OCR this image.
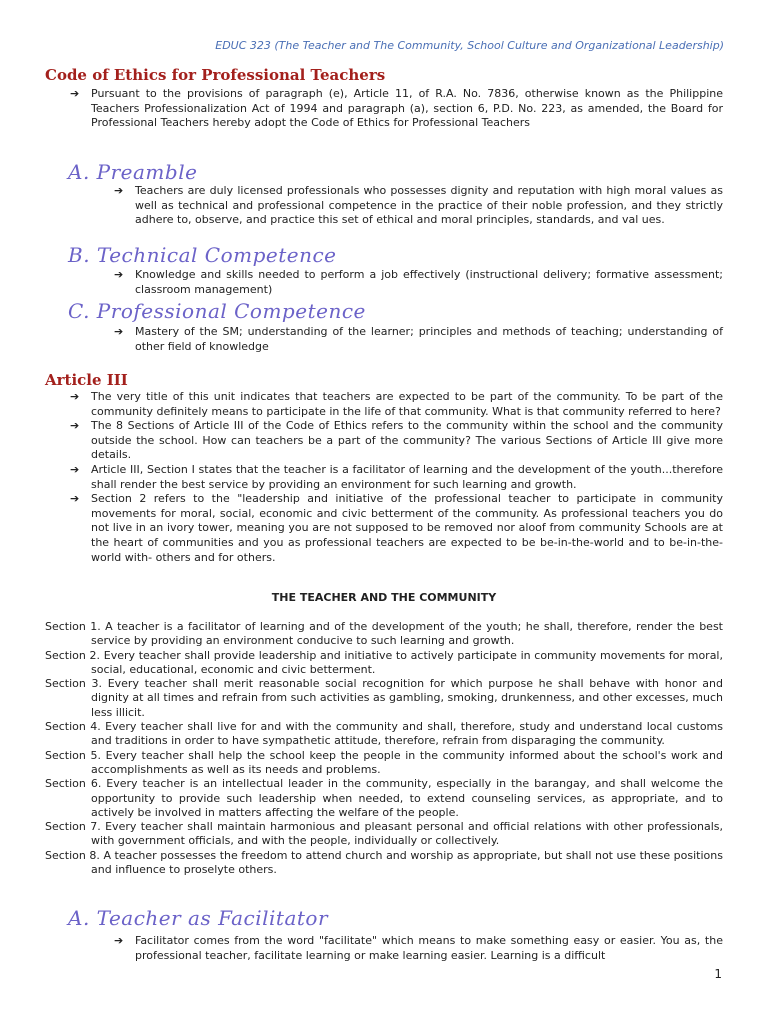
EDUC 323 (The Teacher and The Community, School Culture and Organizational Leadership)
Code of Ethics for Professional Teachers
➔ Pursuant to the provisions of paragraph (e), Article 11, of R.A. No. 7836, otherwise known as the Philippine Teachers Professionalization Act of 1994 and paragraph (a), section 6, P.D. No. 223, as amended, the Board for Professional Teachers hereby adopt the Code of Ethics for Professional Teachers
A. Preamble
➔ Teachers are duly licensed professionals who possesses dignity and reputation with high moral values as well as technical and professional competence in the practice of their noble profession, and they strictly adhere to, observe, and practice this set of ethical and moral principles, standards, and val ues.
B. Technical Competence
➔ Knowledge and skills needed to perform a job effectively (instructional delivery; formative assessment; classroom management)
C. Professional Competence
➔ Mastery of the SM; understanding of the learner; principles and methods of teaching; understanding of other field of knowledge
Article III
➔ The very title of this unit indicates that teachers are expected to be part of the community. To be part of the community definitely means to participate in the life of that community. What is that community referred to here?
➔ The 8 Sections of Article III of the Code of Ethics refers to the community within the school and the community outside the school. How can teachers be a part of the community? The various Sections of Article III give more details.
➔ Article III, Section I states that the teacher is a facilitator of learning and the development of the youth...therefore shall render the best service by providing an environment for such learning and growth.
➔ Section 2 refers to the "leadership and initiative of the professional teacher to participate in community movements for moral, social, economic and civic betterment of the community. As professional teachers you do not live in an ivory tower, meaning you are not supposed to be removed nor aloof from community Schools are at the heart of communities and you as professional teachers are expected to be be-in-the-world and to be-in-the-world with- others and for others.
THE TEACHER AND THE COMMUNITY
Section 1. A teacher is a facilitator of learning and of the development of the youth; he shall, therefore, render the best service by providing an environment conducive to such learning and growth.
Section 2. Every teacher shall provide leadership and initiative to actively participate in community movements for moral, social, educational, economic and civic betterment.
Section 3. Every teacher shall merit reasonable social recognition for which purpose he shall behave with honor and dignity at all times and refrain from such activities as gambling, smoking, drunkenness, and other excesses, much less illicit.
Section 4. Every teacher shall live for and with the community and shall, therefore, study and understand local customs and traditions in order to have sympathetic attitude, therefore, refrain from disparaging the community.
Section 5. Every teacher shall help the school keep the people in the community informed about the school's work and accomplishments as well as its needs and problems.
Section 6. Every teacher is an intellectual leader in the community, especially in the barangay, and shall welcome the opportunity to provide such leadership when needed, to extend counseling services, as appropriate, and to actively be involved in matters affecting the welfare of the people.
Section 7. Every teacher shall maintain harmonious and pleasant personal and official relations with other professionals, with government officials, and with the people, individually or collectively.
Section 8. A teacher possesses the freedom to attend church and worship as appropriate, but shall not use these positions and influence to proselyte others.
A. Teacher as Facilitator
➔ Facilitator comes from the word "facilitate" which means to make something easy or easier. You as, the professional teacher, facilitate learning or make learning easier. Learning is a difficult
1
